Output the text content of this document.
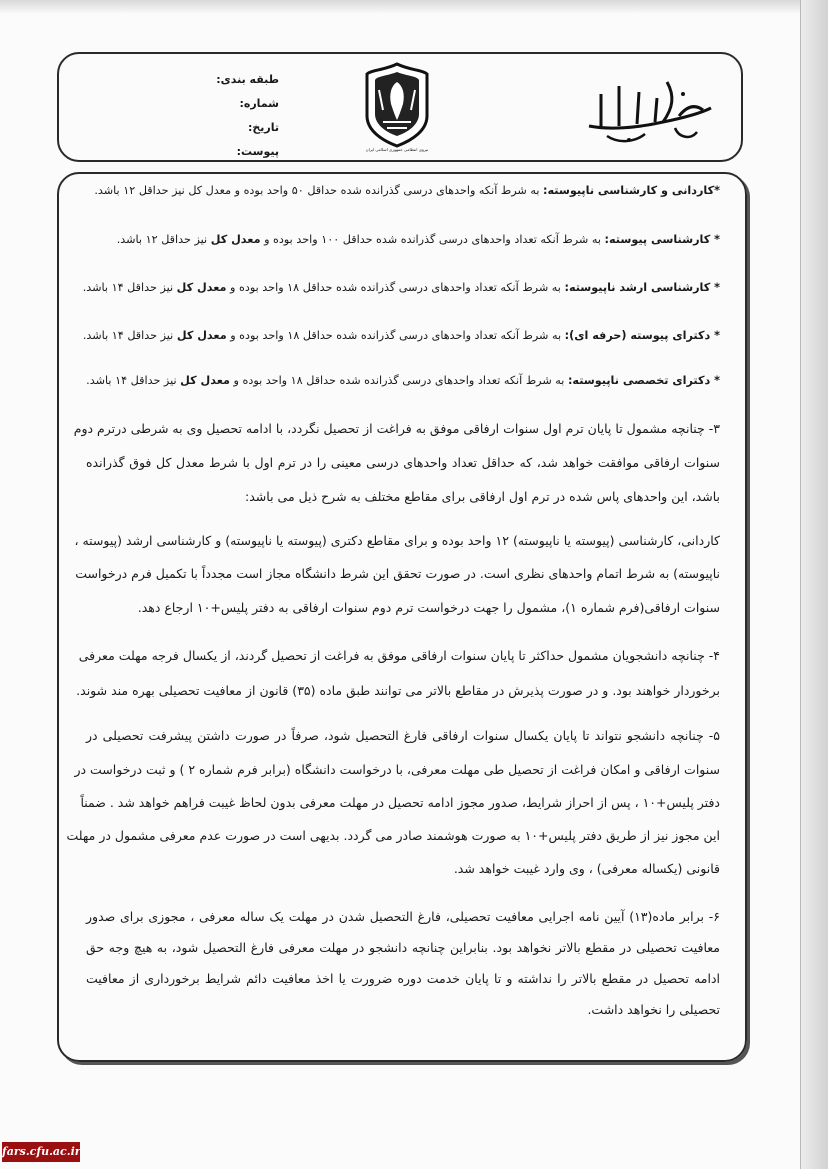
نیروی انتظامی جمهوری اسلامی ایران
طبقه بندی:
شماره:
تاریخ:
پیوست:
*کاردانی و کارشناسی ناپیوسته: به شرط آنکه واحدهای درسی گذرانده شده حداقل ۵۰ واحد بوده و معدل کل نیز حداقل ۱۲ باشد.
* کارشناسی پیوسته: به شرط آنکه تعداد واحدهای درسی گذرانده شده حداقل ۱۰۰ واحد بوده و معدل کل نیز حداقل ۱۲ باشد.
* کارشناسی ارشد ناپیوسته: به شرط آنکه تعداد واحدهای درسی گذرانده شده حداقل ۱۸ واحد بوده و معدل کل نیز حداقل ۱۴ باشد.
* دکترای پیوسته (حرفه ای): به شرط آنکه تعداد واحدهای درسی گذرانده شده حداقل ۱۸ واحد بوده و معدل کل نیز حداقل ۱۴ باشد.
* دکترای تخصصی ناپیوسته: به شرط آنکه تعداد واحدهای درسی گذرانده شده حداقل ۱۸ واحد بوده و معدل کل نیز حداقل ۱۴ باشد.
۳- چنانچه مشمول تا پایان ترم اول سنوات ارفاقی موفق به فراغت از تحصیل نگردد، با ادامه تحصیل وی به شرطی درترم دوم
سنوات ارفاقی موافقت خواهد شد، که حداقل تعداد واحدهای درسی معینی را در ترم اول با شرط معدل کل فوق گذرانده
باشد، این واحدهای پاس شده در ترم اول ارفاقی برای مقاطع مختلف به شرح ذیل می باشد:
کاردانی، کارشناسی (پیوسته یا ناپیوسته) ۱۲ واحد بوده و برای مقاطع دکتری (پیوسته یا ناپیوسته) و کارشناسی ارشد (پیوسته ،
ناپیوسته) به شرط اتمام واحدهای نظری است. در صورت تحقق این شرط دانشگاه مجاز است مجدداً با تکمیل فرم درخواست
سنوات ارفاقی(فرم شماره ۱)، مشمول را جهت درخواست ترم دوم سنوات ارفاقی به دفتر پلیس+۱۰ ارجاع دهد.
۴- چنانچه دانشجویان مشمول حداکثر تا پایان سنوات ارفاقی موفق به فراغت از تحصیل گردند، از یکسال فرجه مهلت معرفی
برخوردار خواهند بود. و در صورت پذیرش در مقاطع بالاتر می توانند طبق ماده (۳۵) قانون از معافیت تحصیلی بهره مند شوند.
۵- چنانچه دانشجو نتواند تا پایان یکسال سنوات ارفاقی فارغ التحصیل شود، صرفاً در صورت داشتن پیشرفت تحصیلی در
سنوات ارفاقی و امکان فراغت از تحصیل طی مهلت معرفی، با درخواست دانشگاه (برابر فرم شماره ۲ ) و ثبت درخواست در
دفتر پلیس+۱۰ ، پس از احراز شرایط، صدور مجوز ادامه تحصیل در مهلت معرفی بدون لحاظ غیبت فراهم خواهد شد . ضمناً
این مجوز نیز از طریق دفتر پلیس+۱۰ به صورت هوشمند صادر می گردد. بدیهی است در صورت عدم معرفی مشمول در مهلت
قانونی (یکساله معرفی) ، وی وارد غیبت خواهد شد.
۶- برابر ماده(۱۳) آیین نامه اجرایی معافیت تحصیلی، فارغ التحصیل شدن در مهلت یک ساله معرفی ، مجوزی برای صدور
معافیت تحصیلی در مقطع بالاتر نخواهد بود. بنابراین چنانچه دانشجو در مهلت معرفی فارغ التحصیل شود، به هیچ وجه حق
ادامه تحصیل در مقطع بالاتر را نداشته و تا پایان خدمت دوره ضرورت یا اخذ معافیت دائم شرایط برخورداری از معافیت
تحصیلی را نخواهد داشت.
fars.cfu.ac.ir
